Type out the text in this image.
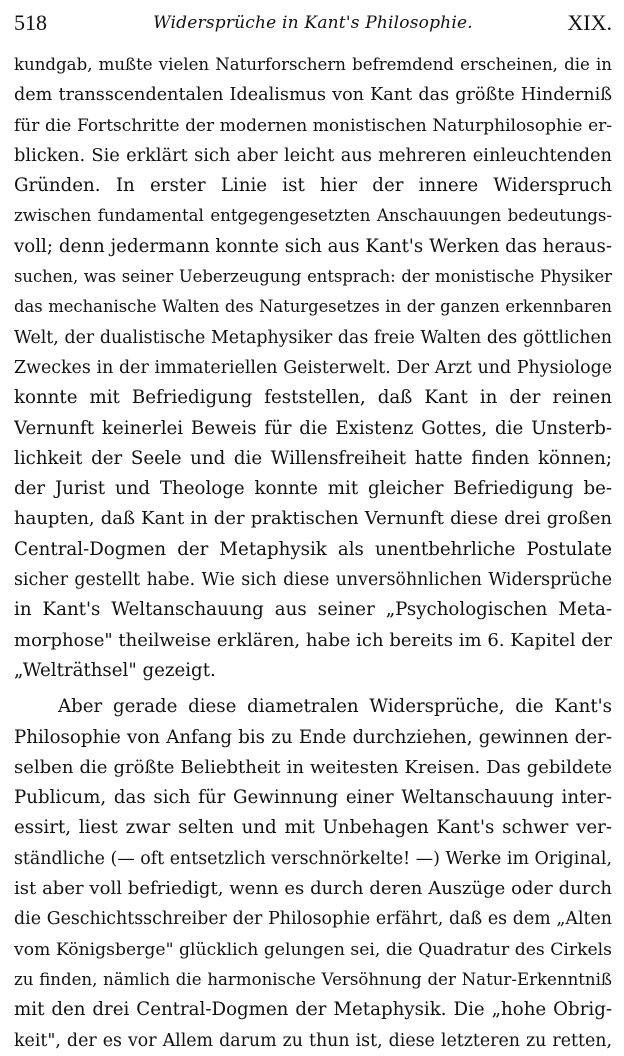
518	Widersprüche in Kant's Philosophie.	XIX.
kundgab, mußte vielen Naturforschern befremdend erscheinen, die in
dem transscendentalen Idealismus von Kant das größte Hinderniß
für die Fortschritte der modernen monistischen Naturphilosophie er-
blicken. Sie erklärt sich aber leicht aus mehreren einleuchtenden
Gründen. In erster Linie ist hier der innere Widerspruch
zwischen fundamental entgegengesetzten Anschauungen bedeutungs-
voll; denn jedermann konnte sich aus Kant's Werken das heraus-
suchen, was seiner Ueberzeugung entsprach: der monistische Physiker
das mechanische Walten des Naturgesetzes in der ganzen erkennbaren
Welt, der dualistische Metaphysiker das freie Walten des göttlichen
Zweckes in der immateriellen Geisterwelt. Der Arzt und Physiologe
konnte mit Befriedigung feststellen, daß Kant in der reinen
Vernunft keinerlei Beweis für die Existenz Gottes, die Unsterb-
lichkeit der Seele und die Willensfreiheit hatte finden können;
der Jurist und Theologe konnte mit gleicher Befriedigung be-
haupten, daß Kant in der praktischen Vernunft diese drei großen
Central-Dogmen der Metaphysik als unentbehrliche Postulate
sicher gestellt habe. Wie sich diese unversöhnlichen Widersprüche
in Kant's Weltanschauung aus seiner „Psychologischen Meta-
morphose" theilweise erklären, habe ich bereits im 6. Kapitel der
„Welträthsel" gezeigt.
Aber gerade diese diametralen Widersprüche, die Kant's
Philosophie von Anfang bis zu Ende durchziehen, gewinnen der-
selben die größte Beliebtheit in weitesten Kreisen. Das gebildete
Publicum, das sich für Gewinnung einer Weltanschauung inter-
essirt, liest zwar selten und mit Unbehagen Kant's schwer ver-
ständliche (— oft entsetzlich verschnörkelte! —) Werke im Original,
ist aber voll befriedigt, wenn es durch deren Auszüge oder durch
die Geschichtsschreiber der Philosophie erfährt, daß es dem „Alten
vom Königsberge" glücklich gelungen sei, die Quadratur des Cirkels
zu finden, nämlich die harmonische Versöhnung der Natur-Erkenntniß
mit den drei Central-Dogmen der Metaphysik. Die „hohe Obrig-
keit", der es vor Allem darum zu thun ist, diese letzteren zu retten,
